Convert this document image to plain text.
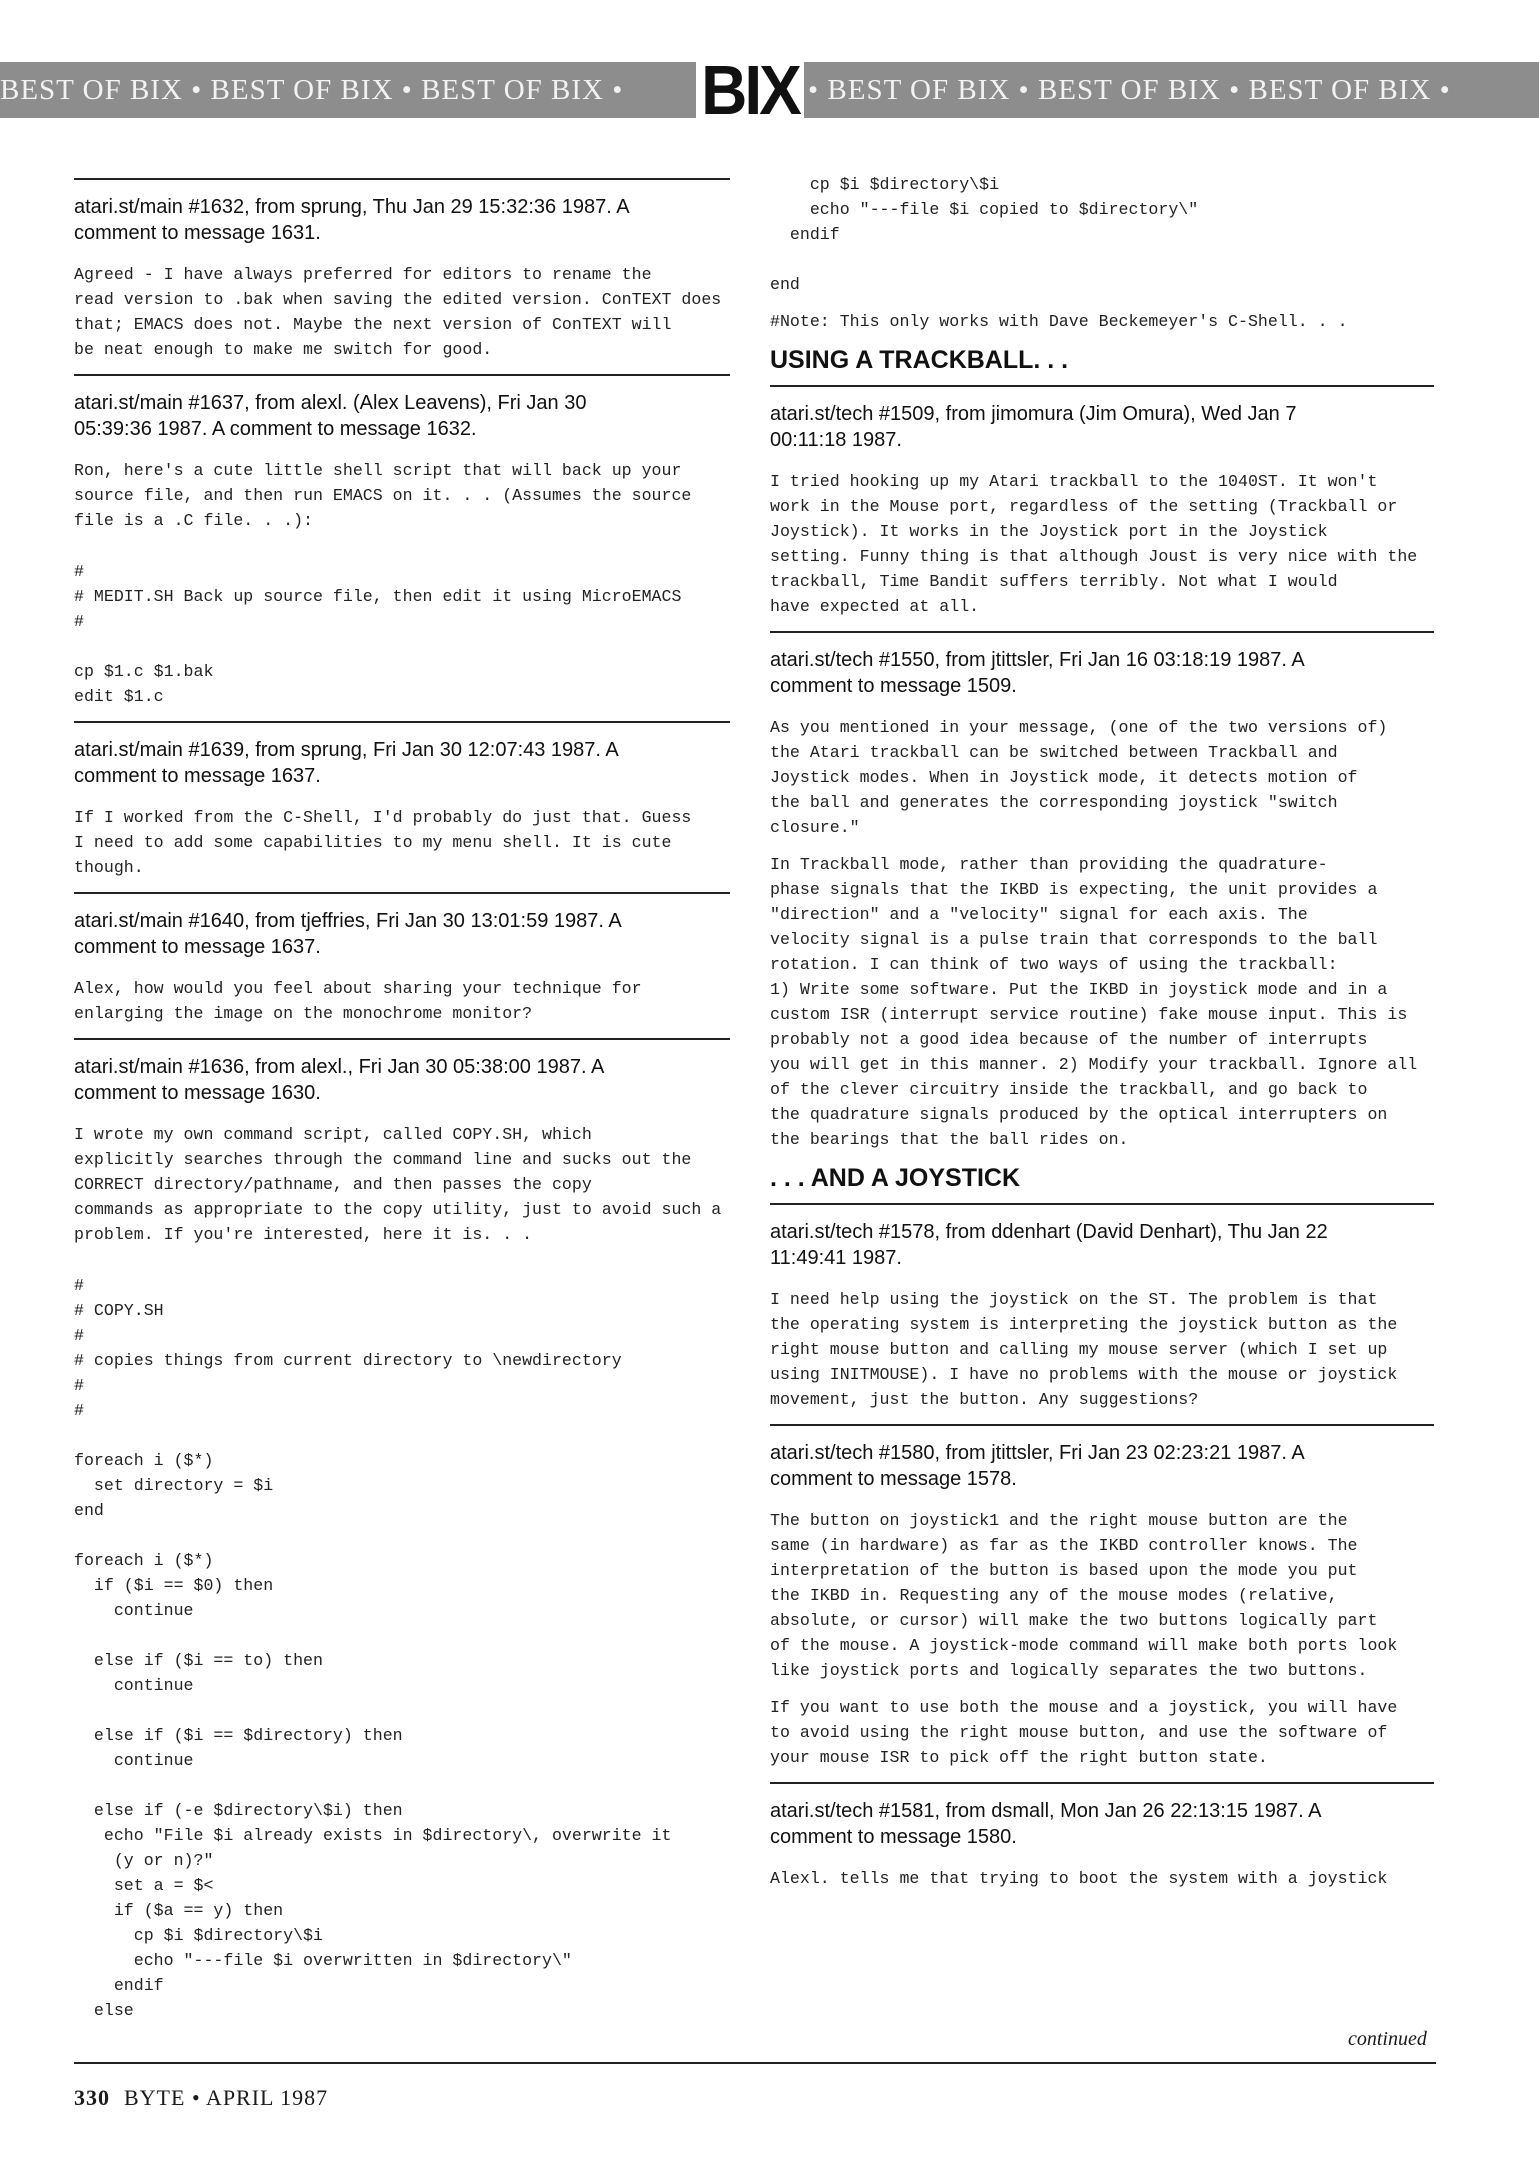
BEST OF BIX • BEST OF BIX • BEST OF BIX •	• BEST OF BIX • BEST OF BIX • BEST OF BIX •
BIX
atari.st/main #1632, from sprung, Thu Jan 29 15:32:36 1987. A
comment to message 1631.
Agreed - I have always preferred for editors to rename the
read version to .bak when saving the edited version. ConTEXT does
that; EMACS does not. Maybe the next version of ConTEXT will
be neat enough to make me switch for good.
atari.st/main #1637, from alexl. (Alex Leavens), Fri Jan 30
05:39:36 1987. A comment to message 1632.
Ron, here's a cute little shell script that will back up your
source file, and then run EMACS on it. . . (Assumes the source
file is a .C file. . .):
#
# MEDIT.SH Back up source file, then edit it using MicroEMACS
#

cp $1.c $1.bak
edit $1.c
atari.st/main #1639, from sprung, Fri Jan 30 12:07:43 1987. A
comment to message 1637.
If I worked from the C-Shell, I'd probably do just that. Guess
I need to add some capabilities to my menu shell. It is cute
though.
atari.st/main #1640, from tjeffries, Fri Jan 30 13:01:59 1987. A
comment to message 1637.
Alex, how would you feel about sharing your technique for
enlarging the image on the monochrome monitor?
atari.st/main #1636, from alexl., Fri Jan 30 05:38:00 1987. A
comment to message 1630.
I wrote my own command script, called COPY.SH, which
explicitly searches through the command line and sucks out the
CORRECT directory/pathname, and then passes the copy
commands as appropriate to the copy utility, just to avoid such a
problem. If you're interested, here it is. . .
#
# COPY.SH
#
# copies things from current directory to \newdirectory
#
#

foreach i ($*)
set directory = $i
end

foreach i ($*)
if ($i == $0) then
continue

else if ($i == to) then
continue

else if ($i == $directory) then
continue

else if (-e $directory\$i) then
echo "File $i already exists in $directory\, overwrite it
(y or n)?"
set a = $<
if ($a == y) then
cp $i $directory\$i
echo "---file $i overwritten in $directory\"
endif
else
cp $i $directory\$i
echo "---file $i copied to $directory\"
endif

end
#Note: This only works with Dave Beckemeyer's C-Shell. . .
USING A TRACKBALL. . .
atari.st/tech #1509, from jimomura (Jim Omura), Wed Jan 7
00:11:18 1987.
I tried hooking up my Atari trackball to the 1040ST. It won't
work in the Mouse port, regardless of the setting (Trackball or
Joystick). It works in the Joystick port in the Joystick
setting. Funny thing is that although Joust is very nice with the
trackball, Time Bandit suffers terribly. Not what I would
have expected at all.
atari.st/tech #1550, from jtittsler, Fri Jan 16 03:18:19 1987. A
comment to message 1509.
As you mentioned in your message, (one of the two versions of)
the Atari trackball can be switched between Trackball and
Joystick modes. When in Joystick mode, it detects motion of
the ball and generates the corresponding joystick "switch
closure."
In Trackball mode, rather than providing the quadrature-
phase signals that the IKBD is expecting, the unit provides a
"direction" and a "velocity" signal for each axis. The
velocity signal is a pulse train that corresponds to the ball
rotation. I can think of two ways of using the trackball:
1) Write some software. Put the IKBD in joystick mode and in a
custom ISR (interrupt service routine) fake mouse input. This is
probably not a good idea because of the number of interrupts
you will get in this manner. 2) Modify your trackball. Ignore all
of the clever circuitry inside the trackball, and go back to
the quadrature signals produced by the optical interrupters on
the bearings that the ball rides on.
. . . AND A JOYSTICK
atari.st/tech #1578, from ddenhart (David Denhart), Thu Jan 22
11:49:41 1987.
I need help using the joystick on the ST. The problem is that
the operating system is interpreting the joystick button as the
right mouse button and calling my mouse server (which I set up
using INITMOUSE). I have no problems with the mouse or joystick
movement, just the button. Any suggestions?
atari.st/tech #1580, from jtittsler, Fri Jan 23 02:23:21 1987. A
comment to message 1578.
The button on joystick1 and the right mouse button are the
same (in hardware) as far as the IKBD controller knows. The
interpretation of the button is based upon the mode you put
the IKBD in. Requesting any of the mouse modes (relative,
absolute, or cursor) will make the two buttons logically part
of the mouse. A joystick-mode command will make both ports look
like joystick ports and logically separates the two buttons.
If you want to use both the mouse and a joystick, you will have
to avoid using the right mouse button, and use the software of
your mouse ISR to pick off the right button state.
atari.st/tech #1581, from dsmall, Mon Jan 26 22:13:15 1987. A
comment to message 1580.
Alexl. tells me that trying to boot the system with a joystick
continued
330 BYTE • APRIL 1987
